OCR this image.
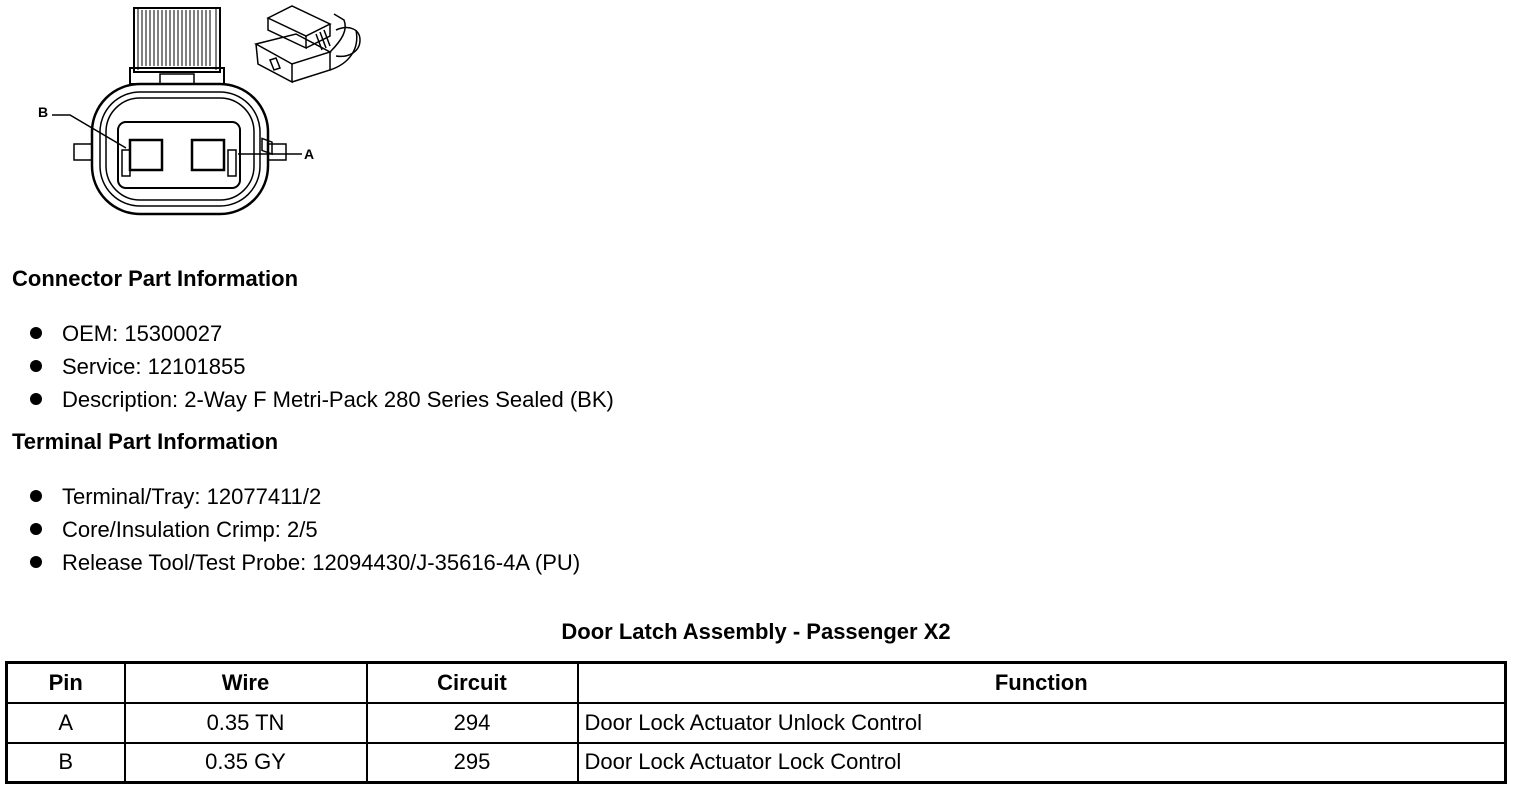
B
A
Connector Part Information
OEM: 15300027
Service: 12101855
Description: 2-Way F Metri-Pack 280 Series Sealed (BK)
Terminal Part Information
Terminal/Tray: 12077411/2
Core/Insulation Crimp: 2/5
Release Tool/Test Probe: 12094430/J-35616-4A (PU)
Door Latch Assembly - Passenger X2
Pin	Wire	Circuit	Function
A	0.35 TN	294	Door Lock Actuator Unlock Control
B	0.35 GY	295	Door Lock Actuator Lock Control
